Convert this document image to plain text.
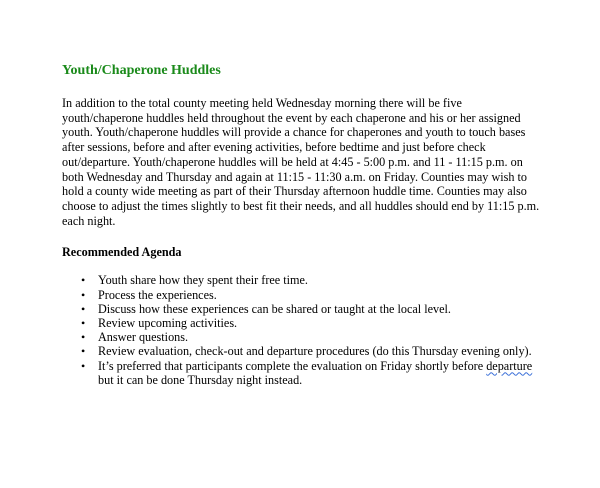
Youth/Chaperone Huddles

In addition to the total county meeting held Wednesday morning there will be five youth/chaperone huddles held throughout the event by each chaperone and his or her assigned youth. Youth/chaperone huddles will provide a chance for chaperones and youth to touch bases after sessions, before and after evening activities, before bedtime and just before check out/departure. Youth/chaperone huddles will be held at 4:45 - 5:00 p.m. and 11 - 11:15 p.m. on both Wednesday and Thursday and again at 11:15 - 11:30 a.m. on Friday. Counties may wish to hold a county wide meeting as part of their Thursday afternoon huddle time. Counties may also choose to adjust the times slightly to best fit their needs, and all huddles should end by 11:15 p.m. each night.

Recommended Agenda

• Youth share how they spent their free time.
• Process the experiences.
• Discuss how these experiences can be shared or taught at the local level.
• Review upcoming activities.
• Answer questions.
• Review evaluation, check-out and departure procedures (do this Thursday evening only).
• It’s preferred that participants complete the evaluation on Friday shortly before departure but it can be done Thursday night instead.
